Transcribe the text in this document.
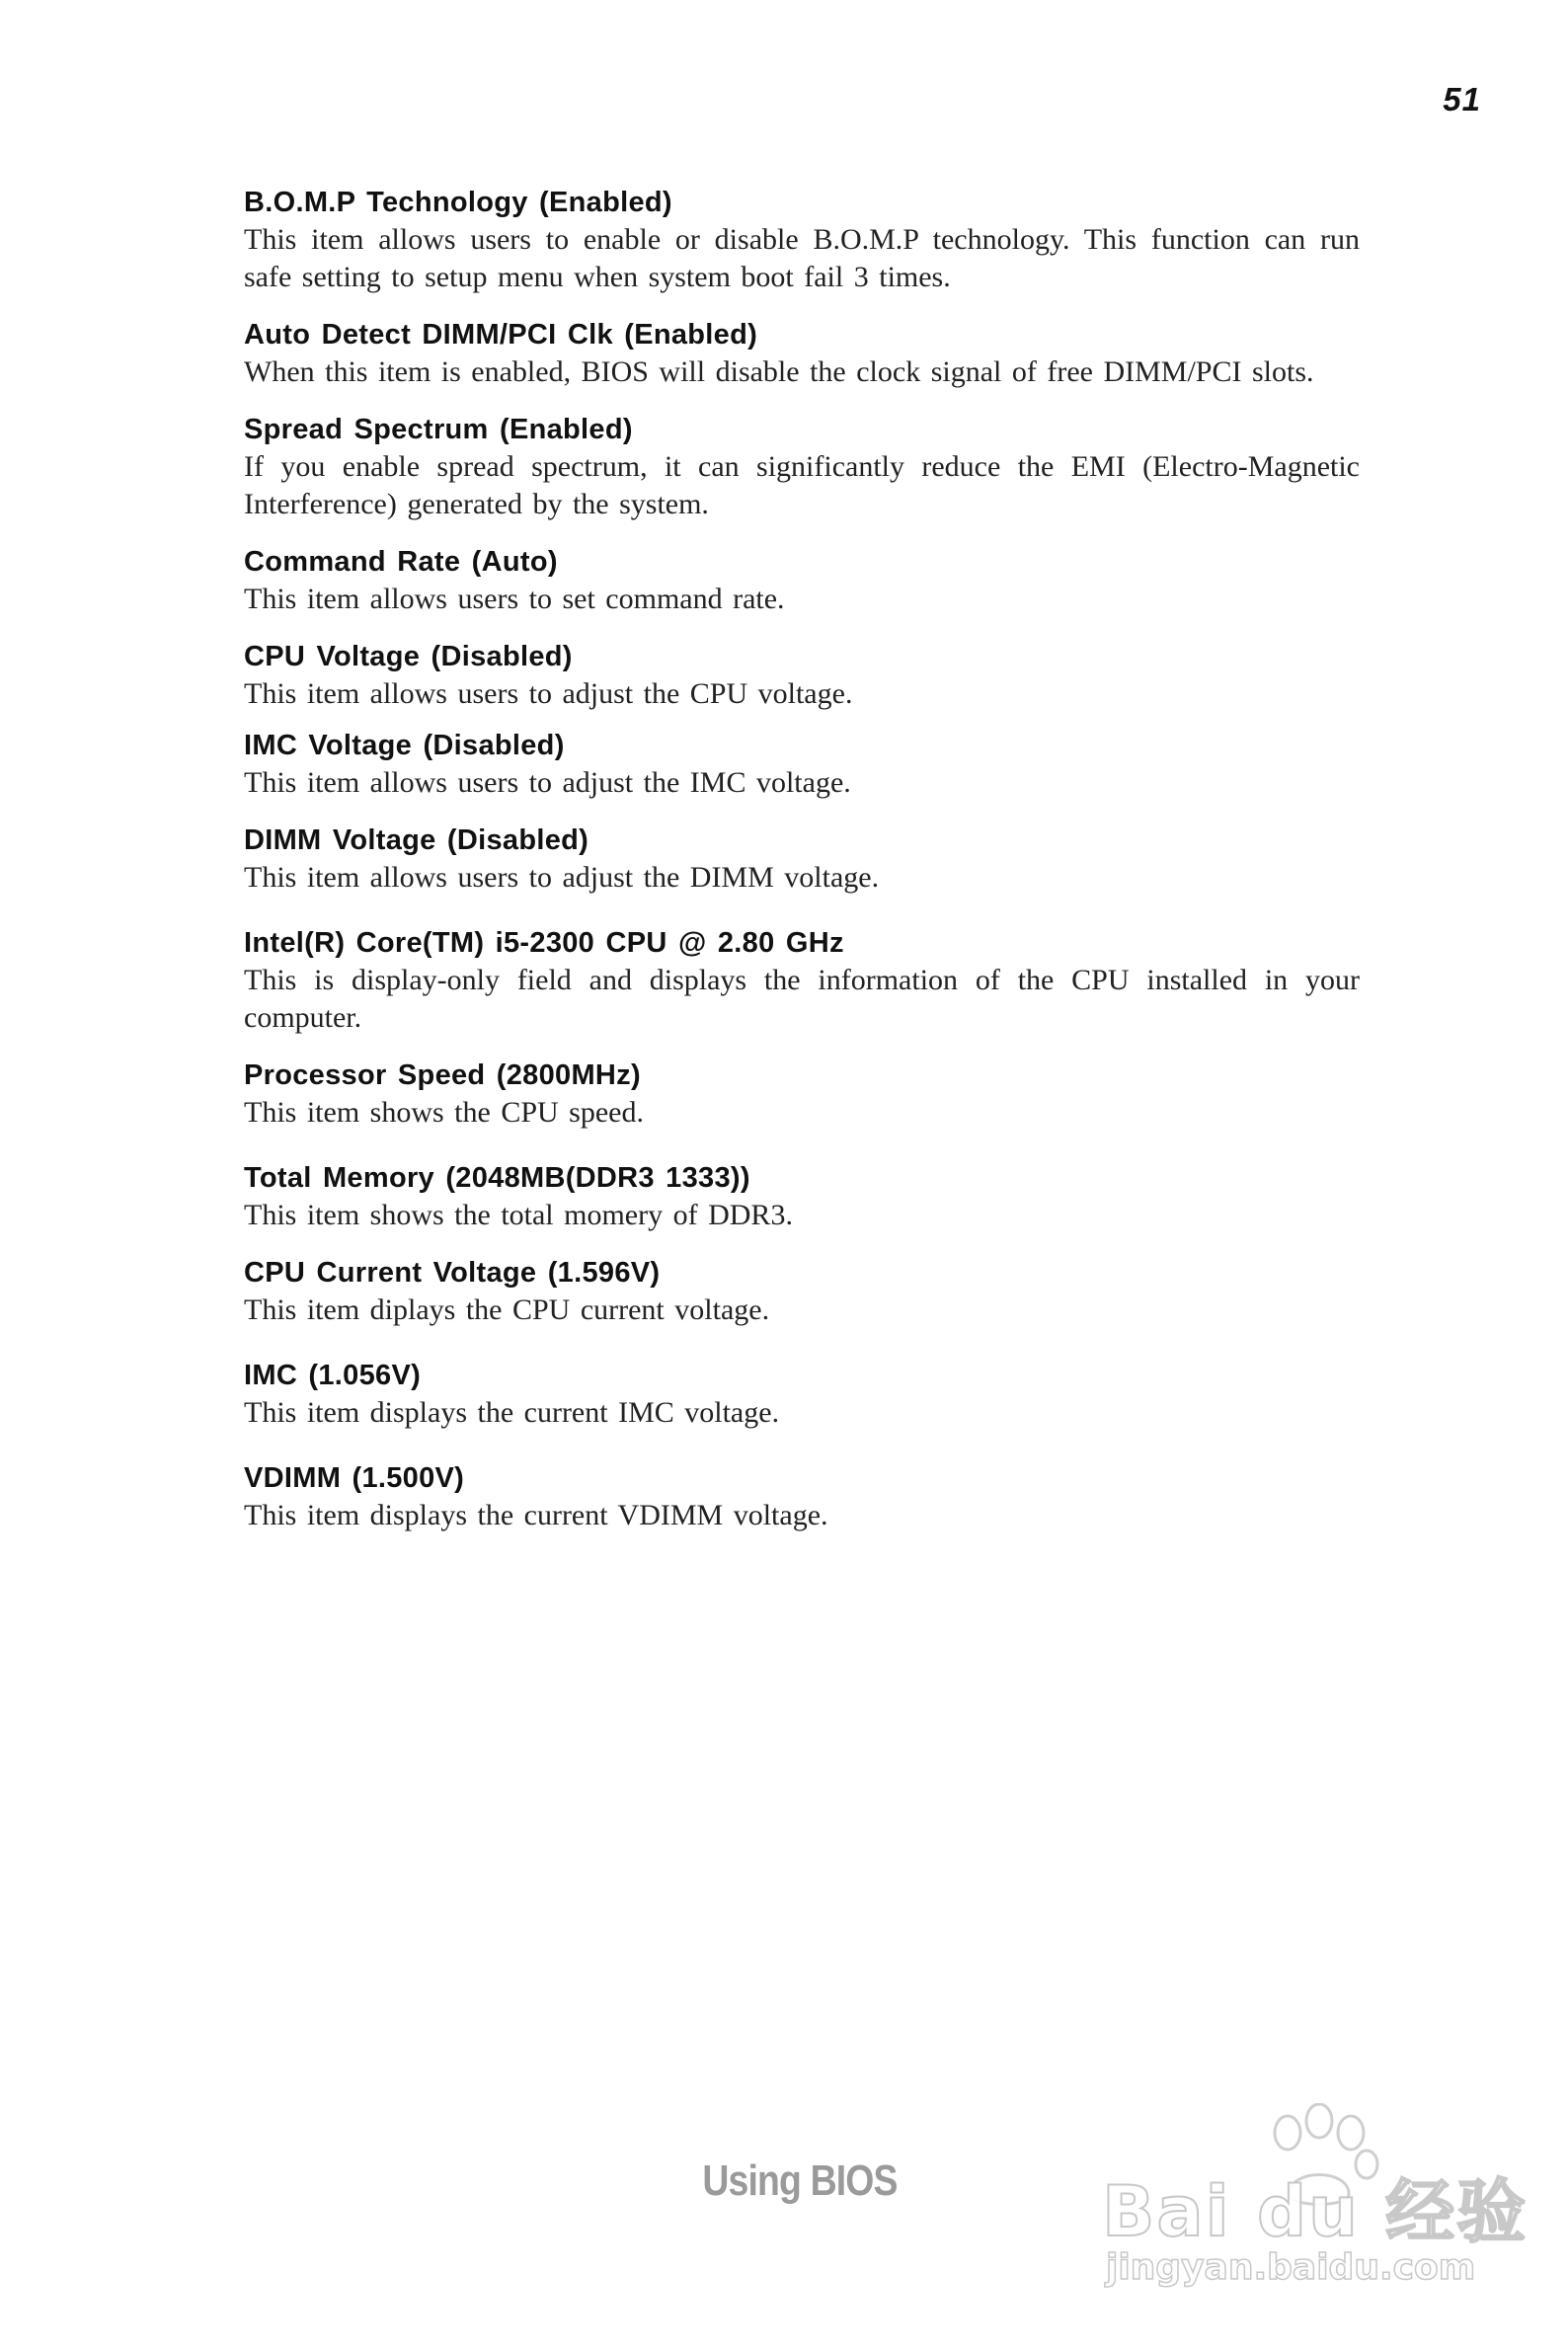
51

B.O.M.P Technology (Enabled)

This item allows users to enable or disable B.O.M.P technology. This function can run safe setting to setup menu when system boot fail 3 times.

Auto Detect DIMM/PCI Clk (Enabled)

When this item is enabled, BIOS will disable the clock signal of free DIMM/PCI slots.

Spread Spectrum (Enabled)

If you enable spread spectrum, it can significantly reduce the EMI (Electro-Magnetic Interference) generated by the system.

Command Rate (Auto)

This item allows users to set command rate.

CPU Voltage (Disabled)

This item allows users to adjust the CPU voltage.

IMC Voltage (Disabled)

This item allows users to adjust the IMC voltage.

DIMM Voltage (Disabled)

This item allows users to adjust the DIMM voltage.

Intel(R) Core(TM) i5-2300 CPU @ 2.80 GHz

This is display-only field and displays the information of the CPU installed in your computer.

Processor Speed (2800MHz)

This item shows the CPU speed.

Total Memory (2048MB(DDR3 1333))

This item shows the total momery of DDR3.

CPU Current Voltage (1.596V)

This item diplays the CPU current voltage.

IMC (1.056V)

This item displays the current IMC voltage.

VDIMM (1.500V)

This item displays the current VDIMM voltage.

Using BIOS	Bai du 经验
jingyan.baidu.com
